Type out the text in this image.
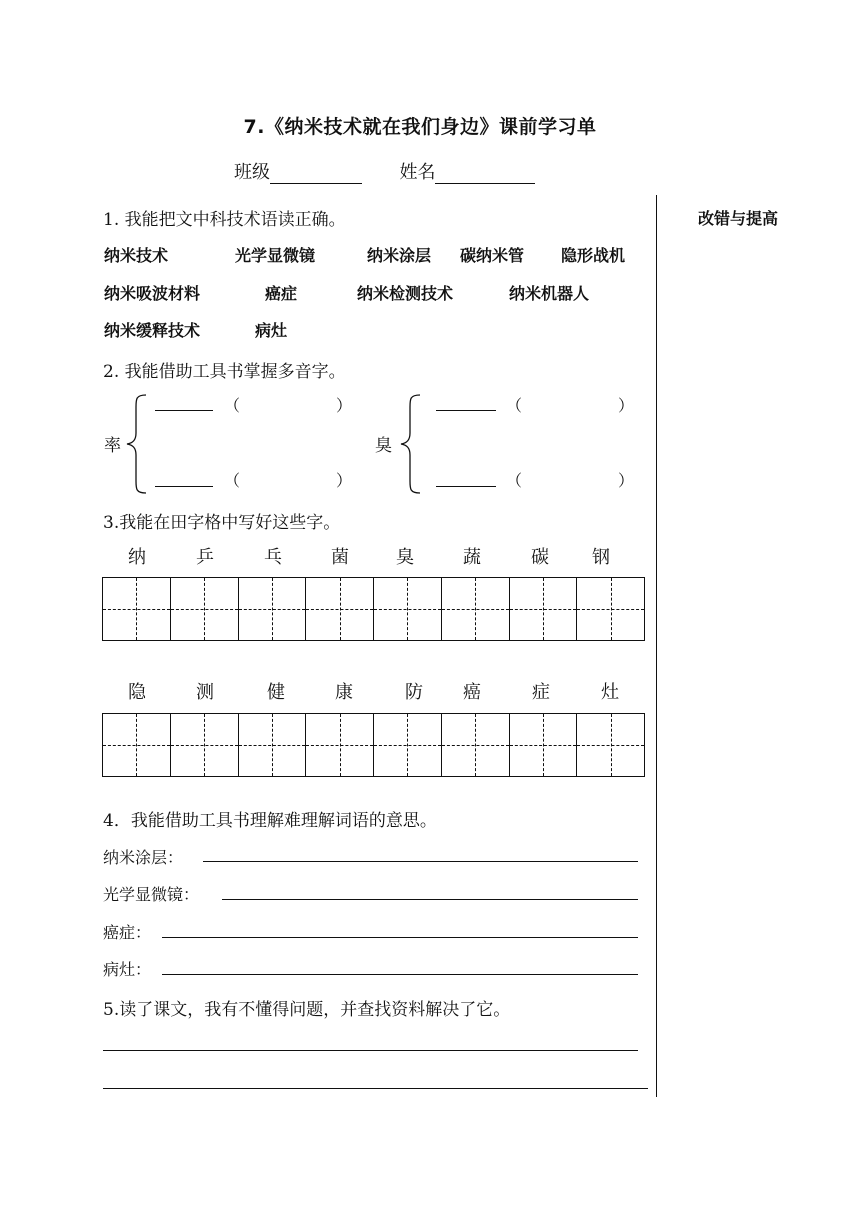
7.《纳米技术就在我们身边》课前学习单
班级	姓名
改错与提高
1. 我能把文中科技术语读正确。
纳米技术	光学显微镜	纳米涂层 碳纳米管 隐形战机
纳米吸波材料	癌症	纳米检测技术	纳米机器人
纳米缓释技术	病灶
2. 我能借助工具书掌握多音字。
率
（	）
（	）
臭
（	）
（	）
3.我能在田字格中写好这些字。
纳	乒	乓	菌	臭	蔬	碳	钢
隐	测	健	康	防	癌	症	灶
4．我能借助工具书理解难理解词语的意思。
纳米涂层：
光学显微镜：
癌症：
病灶：
5.读了课文，我有不懂得问题，并查找资料解决了它。
